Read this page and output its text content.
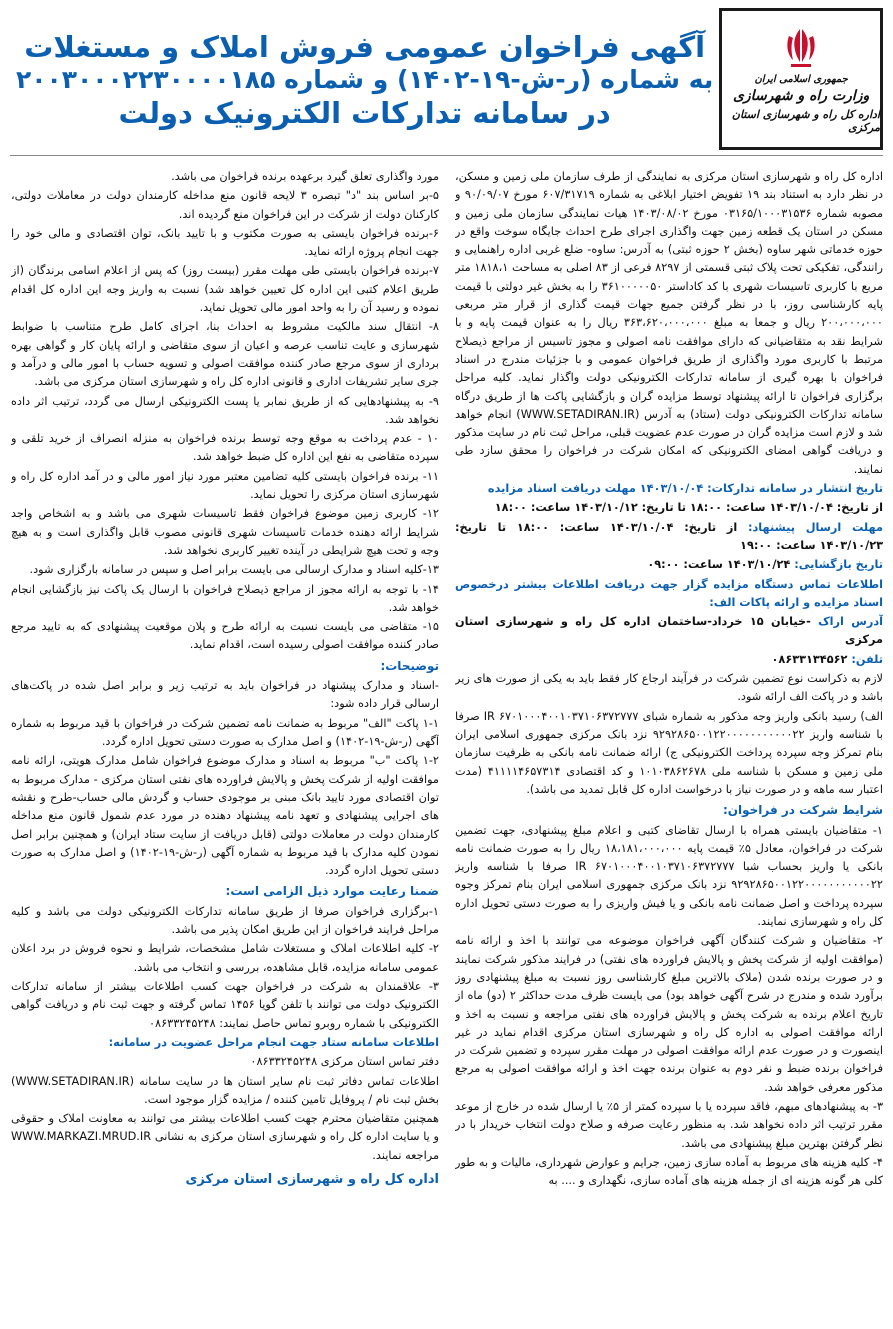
جمهوری اسلامی ایران
وزارت راه و شهرسازی
اداره کل راه و شهرسازی استان مرکزی
آگهی فراخوان عمومی فروش املاک و مستغلات
به شماره (ر-ش-۱۹-۱۴۰۲) و شماره ۲۰۰۳۰۰۰۲۲۳۰۰۰۰۱۸۵
در سامانه تدارکات الکترونیک دولت

اداره کل راه و شهرسازی استان مرکزی به نمایندگی از طرف سازمان ملی زمین و مسکن، در نظر دارد به استناد بند ۱۹ تفویض اختیار ابلاغی به شماره ۶۰۷/۳۱۷۱۹ مورخ ۹۰/۰۹/۰۷ و مصوبه شماره ۰۳۱۶۵/۱۰۰۰۳۱۵۳۶ مورخ ۱۴۰۳/۰۸/۰۲ هیات نمایندگی سازمان ملی زمین و مسکن در استان یک قطعه زمین جهت واگذاری اجرای طرح احداث جایگاه سوخت واقع در حوزه خدماتی شهر ساوه (بخش ۲ حوزه ثبتی) به آدرس: ساوه- ضلع غربی اداره راهنمایی و رانندگی، تفکیکی تحت پلاک ثبتی قسمتی از ۸۲۹۷ فرعی از ۸۳ اصلی به مساحت ۱۸۱۸،۱ متر مربع با کاربری تاسیسات شهری با کد کاداستر ۳۶۱۰۰۰۰۰۵۰ را به بخش غیر دولتی با قیمت پایه کارشناسی روز، با در نظر گرفتن جمیع جهات قیمت گذاری از قرار متر مربعی ۲۰۰،۰۰۰،۰۰۰ ریال و جمعا به مبلغ ۳۶۳،۶۲۰،۰۰۰،۰۰۰ ریال را به عنوان قیمت پایه و با شرایط نقد به متقاضیانی که دارای موافقت نامه اصولی و مجوز تاسیس از مراجع ذیصلاح مرتبط با کاربری مورد واگذاری از طریق فراخوان عمومی و با جزئیات مندرج در اسناد فراخوان با بهره گیری از سامانه تدارکات الکترونیکی دولت واگذار نماید. کلیه مراحل برگزاری فراخوان تا ارائه پیشنهاد توسط مزایده گران و بازگشایی پاکت ها از طریق درگاه سامانه تدارکات الکترونیکی دولت (ستاد) به آدرس (WWW.SETADIRAN.IR) انجام خواهد شد و لازم است مزایده گران در صورت عدم عضویت قبلی، مراحل ثبت نام در سایت مذکور و دریافت گواهی امضای الکترونیکی که امکان شرکت در فراخوان را محقق سازد طی نمایند.

تاریخ انتشار در سامانه تدارکات: ۱۴۰۳/۱۰/۰۴ مهلت دریافت اسناد مزایده

از تاریخ: ۱۴۰۳/۱۰/۰۴ ساعت: ۱۸:۰۰ تا تاریخ: ۱۴۰۳/۱۰/۱۲ ساعت: ۱۸:۰۰

مهلت ارسال پیشنهاد: از تاریخ: ۱۴۰۳/۱۰/۰۴ ساعت: ۱۸:۰۰ تا تاریخ: ۱۴۰۳/۱۰/۲۳ ساعت: ۱۹:۰۰

تاریخ بازگشایی: ۱۴۰۳/۱۰/۲۴ ساعت: ۰۹:۰۰

اطلاعات تماس دستگاه مزایده گزار جهت دریافت اطلاعات بیشتر درخصوص اسناد مزایده و ارائه پاکات الف:

آدرس اراک -خیابان ۱۵ خرداد-ساختمان اداره کل راه و شهرسازی استان مرکزی

تلفن: ۰۸۶۳۳۱۳۴۵۶۲

لازم به ذکراست نوع تضمین شرکت در فرآیند ارجاع کار فقط باید به یکی از صورت های زیر باشد و در پاکت الف ارائه شود.

الف) رسید بانکی واریز وجه مذکور به شماره شبای IR ۶۷۰۱۰۰۰۴۰۰۱۰۳۷۱۰۶۳۷۲۷۷۷ صرفا با شناسه واریز ۹۲۹۲۸۶۵۰۰۱۲۲۰۰۰۰۰۰۰۰۰۰۰۲۲ نزد بانک مرکزی جمهوری اسلامی ایران بنام تمرکز وجه سپرده پرداخت الکترونیکی ج) ارائه ضمانت نامه بانکی به ظرفیت سازمان ملی زمین و مسکن با شناسه ملی ۱۰۱۰۳۸۶۲۶۷۸ و کد اقتصادی ۴۱۱۱۱۴۶۵۷۳۱۴ (مدت اعتبار سه ماهه و در صورت نیاز با درخواست اداره کل قابل تمدید می باشد).

شرایط شرکت در فراخوان:

۱- متقاضیان بایستی همراه با ارسال تقاضای کتبی و اعلام مبلغ پیشنهادی، جهت تضمین شرکت در فراخوان، معادل ۵٪ قیمت پایه ۱۸،۱۸۱،۰۰۰،۰۰۰ ریال را به صورت ضمانت نامه بانکی یا واریز بحساب شبا IR ۶۷۰۱۰۰۰۴۰۰۱۰۳۷۱۰۶۳۷۲۷۷۷ صرفا با شناسه واریز ۹۲۹۲۸۶۵۰۰۱۲۲۰۰۰۰۰۰۰۰۰۰۰۲۲ نزد بانک مرکزی جمهوری اسلامی ایران بنام تمرکز وجوه سپرده پرداخت و اصل ضمانت نامه بانکی و یا فیش واریزی را به صورت دستی تحویل اداره کل راه و شهرسازی نمایند.

۲- متقاضیان و شرکت کنندگان آگهی فراخوان موضوعه می توانند با اخذ و ارائه نامه (موافقت اولیه از شرکت پخش و پالایش فراورده های نفتی) در فرایند مذکور شرکت نمایند و در صورت برنده شدن (ملاک بالاترین مبلغ کارشناسی روز نسبت به مبلغ پیشنهادی روز برآورد شده و مندرج در شرح آگهی خواهد بود) می بایست ظرف مدت حداکثر ۲ (دو) ماه از تاریخ اعلام برنده به شرکت پخش و پالایش فراورده های نفتی مراجعه و نسبت به اخذ و ارائه موافقت اصولی به اداره کل راه و شهرسازی استان مرکزی اقدام نماید در غیر اینصورت و در صورت عدم ارائه موافقت اصولی در مهلت مقرر سپرده و تضمین شرکت در فراخوان برنده ضبط و نفر دوم به عنوان برنده جهت اخذ و ارائه موافقت اصولی به مرجع مذکور معرفی خواهد شد.

۳- به پیشنهادهای مبهم، فاقد سپرده یا با سپرده کمتر از ۵٪ یا ارسال شده در خارج از موعد مقرر ترتیب اثر داده نخواهد شد. به منظور رعایت صرفه و صلاح دولت انتخاب خریدار با در نظر گرفتن بهترین مبلغ پیشنهادی می باشد.

۴- کلیه هزینه های مربوط به آماده سازی زمین، جرایم و عوارض شهرداری، مالیات و به طور کلی هر گونه هزینه ای از جمله هزینه های آماده سازی، نگهداری و .... به

مورد واگذاری تعلق گیرد برعهده برنده فراخوان می باشد.

۵-بر اساس بند "د" تبصره ۳ لایحه قانون منع مداخله کارمندان دولت در معاملات دولتی، کارکنان دولت از شرکت در این فراخوان منع گردیده اند.

۶-برنده فراخوان بایستی به صورت مکتوب و با تایید بانک، توان اقتصادی و مالی خود را جهت انجام پروژه ارائه نماید.

۷-برنده فراخوان بایستی طی مهلت مقرر (بیست روز) که پس از اعلام اسامی برندگان (از طریق اعلام کتبی این اداره کل تعیین خواهد شد) نسبت به واریز وجه این اداره کل اقدام نموده و رسید آن را به واحد امور مالی تحویل نماید.

۸- انتقال سند مالکیت مشروط به احداث بنا، اجرای کامل طرح متناسب با ضوابط شهرسازی و عایت تناسب عرصه و اعیان از سوی متقاضی و ارائه پایان کار و گواهی بهره برداری از سوی مرجع صادر کننده موافقت اصولی و تسویه حساب با امور مالی و درآمد و جری سایر تشریفات اداری و قانونی اداره کل راه و شهرسازی استان مرکزی می باشد.

۹- به پیشنهادهایی که از طریق نمابر یا پست الکترونیکی ارسال می گردد، ترتیب اثر داده نخواهد شد.

۱۰ - عدم پرداخت به موقع وجه توسط برنده فراخوان به منزله انصراف از خرید تلقی و سپرده متقاضی به نفع این اداره کل ضبط خواهد شد.

۱۱- برنده فراخوان بایستی کلیه تضامین معتبر مورد نیاز امور مالی و در آمد اداره کل راه و شهرسازی استان مرکزی را تحویل نماید.

۱۲- کاربری زمین موضوع فراخوان فقط تاسیسات شهری می باشد و به اشخاص واجد شرایط ارائه دهنده خدمات تاسیسات شهری قانونی مصوب قابل واگذاری است و به هیچ وجه و تحت هیچ شرایطی در آینده تغییر کاربری نخواهد شد.

۱۳-کلیه اسناد و مدارک ارسالی می بایست برابر اصل و سپس در سامانه بارگزاری شود.

۱۴- با توجه به ارائه مجوز از مراجع ذیصلاح فراخوان با ارسال یک پاکت نیز بازگشایی انجام خواهد شد.

۱۵- متقاضی می بایست نسبت به ارائه طرح و پلان موقعیت پیشنهادی که به تایید مرجع صادر کننده موافقت اصولی رسیده است، اقدام نماید.

توضیحات:

-اسناد و مدارک پیشنهاد در فراخوان باید به ترتیب زیر و برابر اصل شده در پاکت‌های ارسالی قرار داده شود:

۱-۱ پاکت "الف" مربوط به ضمانت نامه تضمین شرکت در فراخوان با قید مربوط به شماره آگهی (ر-ش-۱۹-۱۴۰۲) و اصل مدارک به صورت دستی تحویل اداره گردد.

۱-۲ پاکت "ب" مربوط به اسناد و مدارک موضوع فراخوان شامل مدارک هویتی، ارائه نامه موافقت اولیه از شرکت پخش و پالایش فراورده های نفتی استان مرکزی - مدارک مربوط به توان اقتصادی مورد تایید بانک مبنی بر موجودی حساب و گردش مالی حساب-طرح و نقشه های اجرایی پیشنهادی و تعهد نامه پیشنهاد دهنده در مورد عدم شمول قانون منع مداخله کارمندان دولت در معاملات دولتی (قابل دریافت از سایت ستاد ایران) و همچنین برابر اصل نمودن کلیه مدارک با قید مربوط به شماره آگهی (ر-ش-۱۹-۱۴۰۲) و اصل مدارک به صورت دستی تحویل اداره گردد.

ضمنا رعایت موارد ذیل الزامی است:

۱-برگزاری فراخوان صرفا از طریق سامانه تدارکات الکترونیکی دولت می باشد و کلیه مراحل فرایند فراخوان از این طریق امکان پذیر می باشد.

۲- کلیه اطلاعات املاک و مستغلات شامل مشخصات، شرایط و نحوه فروش در برد اعلان عمومی سامانه مزایده، قابل مشاهده، بررسی و انتخاب می باشد.

۳- علاقمندان به شرکت در فراخوان جهت کسب اطلاعات بیشتر از سامانه تدارکات الکترونیک دولت می توانند با تلفن گویا ۱۴۵۶ تماس گرفته و جهت ثبت نام و دریافت گواهی الکترونیکی با شماره روبرو تماس حاصل نمایند: ۰۸۶۳۳۲۴۵۲۴۸

اطلاعات سامانه ستاد جهت انجام مراحل عضویت در سامانه:

دفتر تماس استان مرکزی ۰۸۶۳۳۲۴۵۲۴۸

اطلاعات تماس دفاتر ثبت نام سایر استان ها در سایت سامانه (WWW.SETADIRAN.IR) بخش ثبت نام / پروفایل تامین کننده / مزایده گزار موجود است.

همچنین متقاضیان محترم جهت کسب اطلاعات بیشتر می توانند به معاونت املاک و حقوقی و یا سایت اداره کل راه و شهرسازی استان مرکزی به نشانی WWW.MARKAZI.MRUD.IR مراجعه نمایند.

اداره کل راه و شهرسازی استان مرکزی
